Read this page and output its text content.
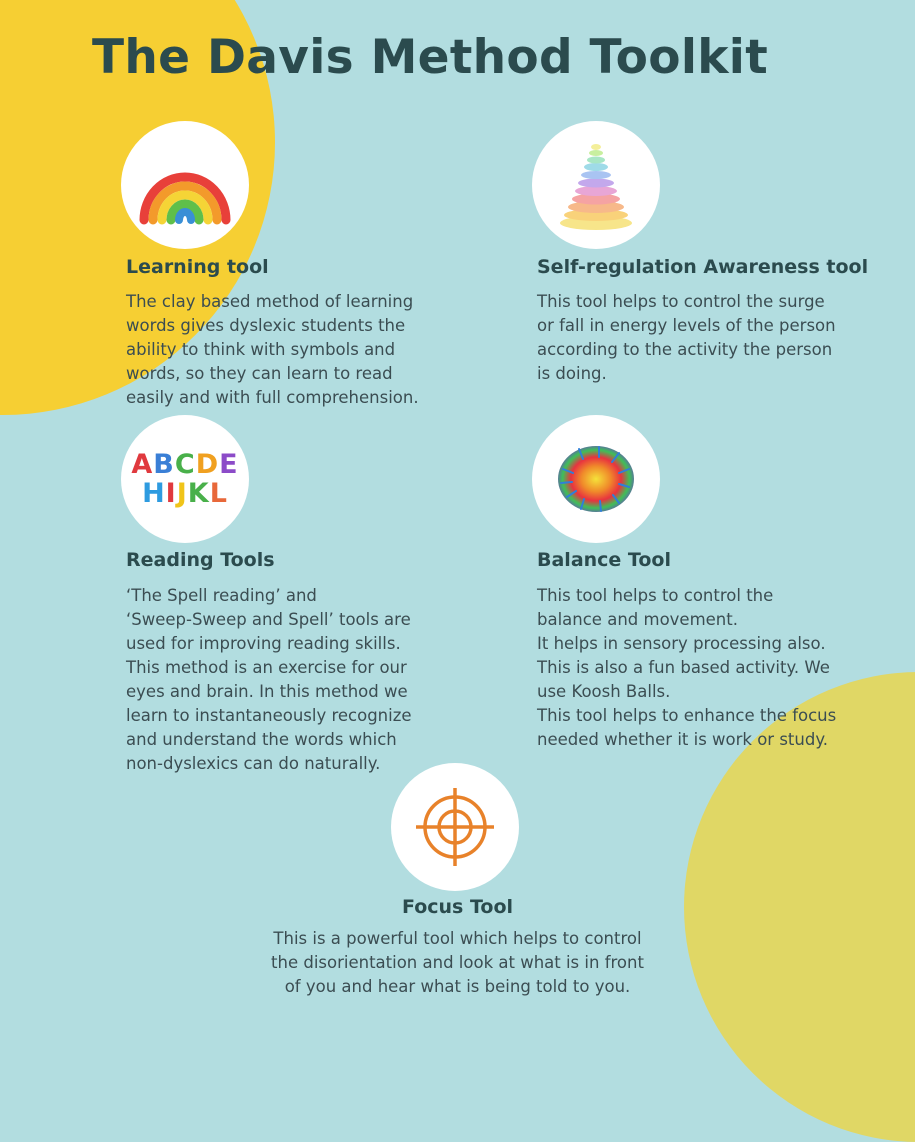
The Davis Method Toolkit
Learning tool

The clay based method of learning
words gives dyslexic students the
ability to think with symbols and
words, so they can learn to read
easily and with full comprehension.

Self-regulation Awareness tool

This tool helps to control the surge
or fall in energy levels of the person
according to the activity the person
is doing.

ABCDE
HIJKL
Reading Tools

‘The Spell reading’ and
‘Sweep-Sweep and Spell’ tools are
used for improving reading skills.
This method is an exercise for our
eyes and brain. In this method we
learn to instantaneously recognize
and understand the words which
non-dyslexics can do naturally.

Balance Tool

This tool helps to control the
balance and movement.
It helps in sensory processing also.
This is also a fun based activity. We
use Koosh Balls.
This tool helps to enhance the focus
needed whether it is work or study.

Focus Tool

This is a powerful tool which helps to control
the disorientation and look at what is in front
of you and hear what is being told to you.
